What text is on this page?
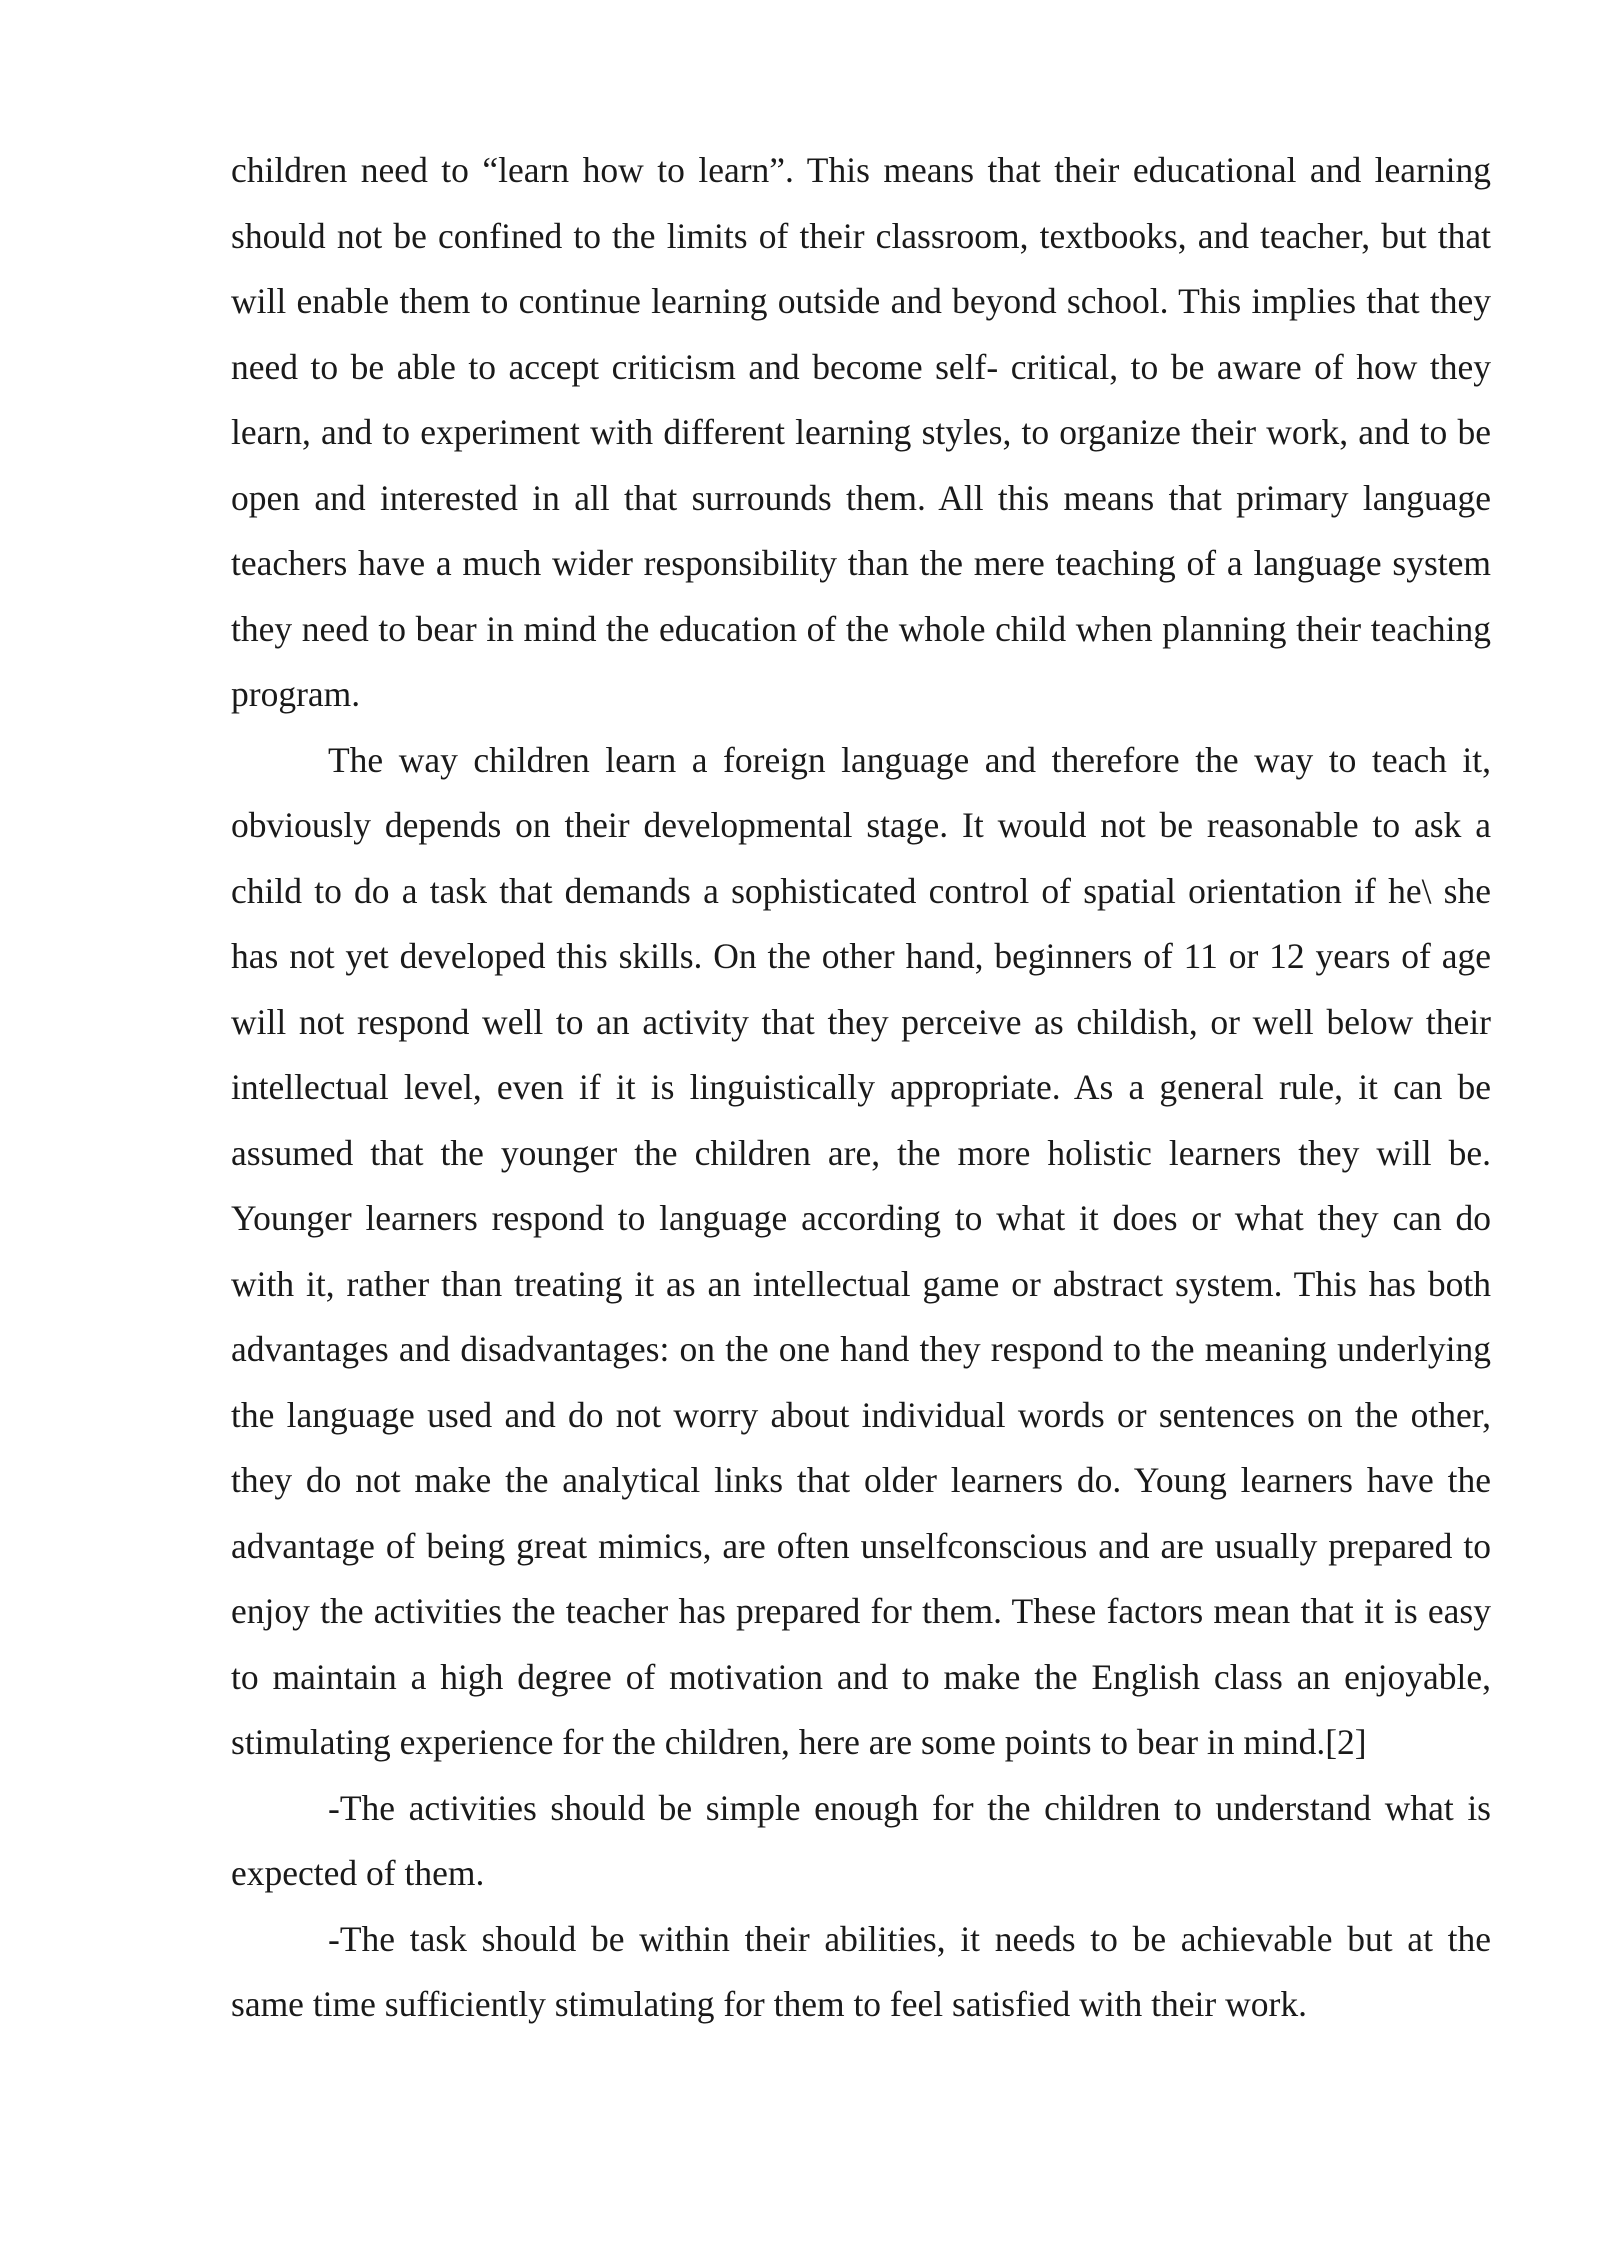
children need to “learn how to learn”. This means that their educational and learning should not be confined to the limits of their classroom, textbooks, and teacher, but that will enable them to continue learning outside and beyond school. This implies that they need to be able to accept criticism and become self- critical, to be aware of how they learn, and to experiment with different learning styles, to organize their work, and to be open and interested in all that surrounds them. All this means that primary language teachers have a much wider responsibility than the mere teaching of a language system they need to bear in mind the education of the whole child when planning their teaching program.

The way children learn a foreign language and therefore the way to teach it, obviously depends on their developmental stage. It would not be reasonable to ask a child to do a task that demands a sophisticated control of spatial orientation if he\ she has not yet developed this skills. On the other hand, beginners of 11 or 12 years of age will not respond well to an activity that they perceive as childish, or well below their intellectual level, even if it is linguistically appropriate. As a general rule, it can be assumed that the younger the children are, the more holistic learners they will be. Younger learners respond to language according to what it does or what they can do with it, rather than treating it as an intellectual game or abstract system. This has both advantages and disadvantages: on the one hand they respond to the meaning underlying the language used and do not worry about individual words or sentences on the other, they do not make the analytical links that older learners do. Young learners have the advantage of being great mimics, are often unselfconscious and are usually prepared to enjoy the activities the teacher has prepared for them. These factors mean that it is easy to maintain a high degree of motivation and to make the English class an enjoyable, stimulating experience for the children, here are some points to bear in mind.[2]

-The activities should be simple enough for the children to understand what is expected of them.

-The task should be within their abilities, it needs to be achievable but at the same time sufficiently stimulating for them to feel satisfied with their work.
